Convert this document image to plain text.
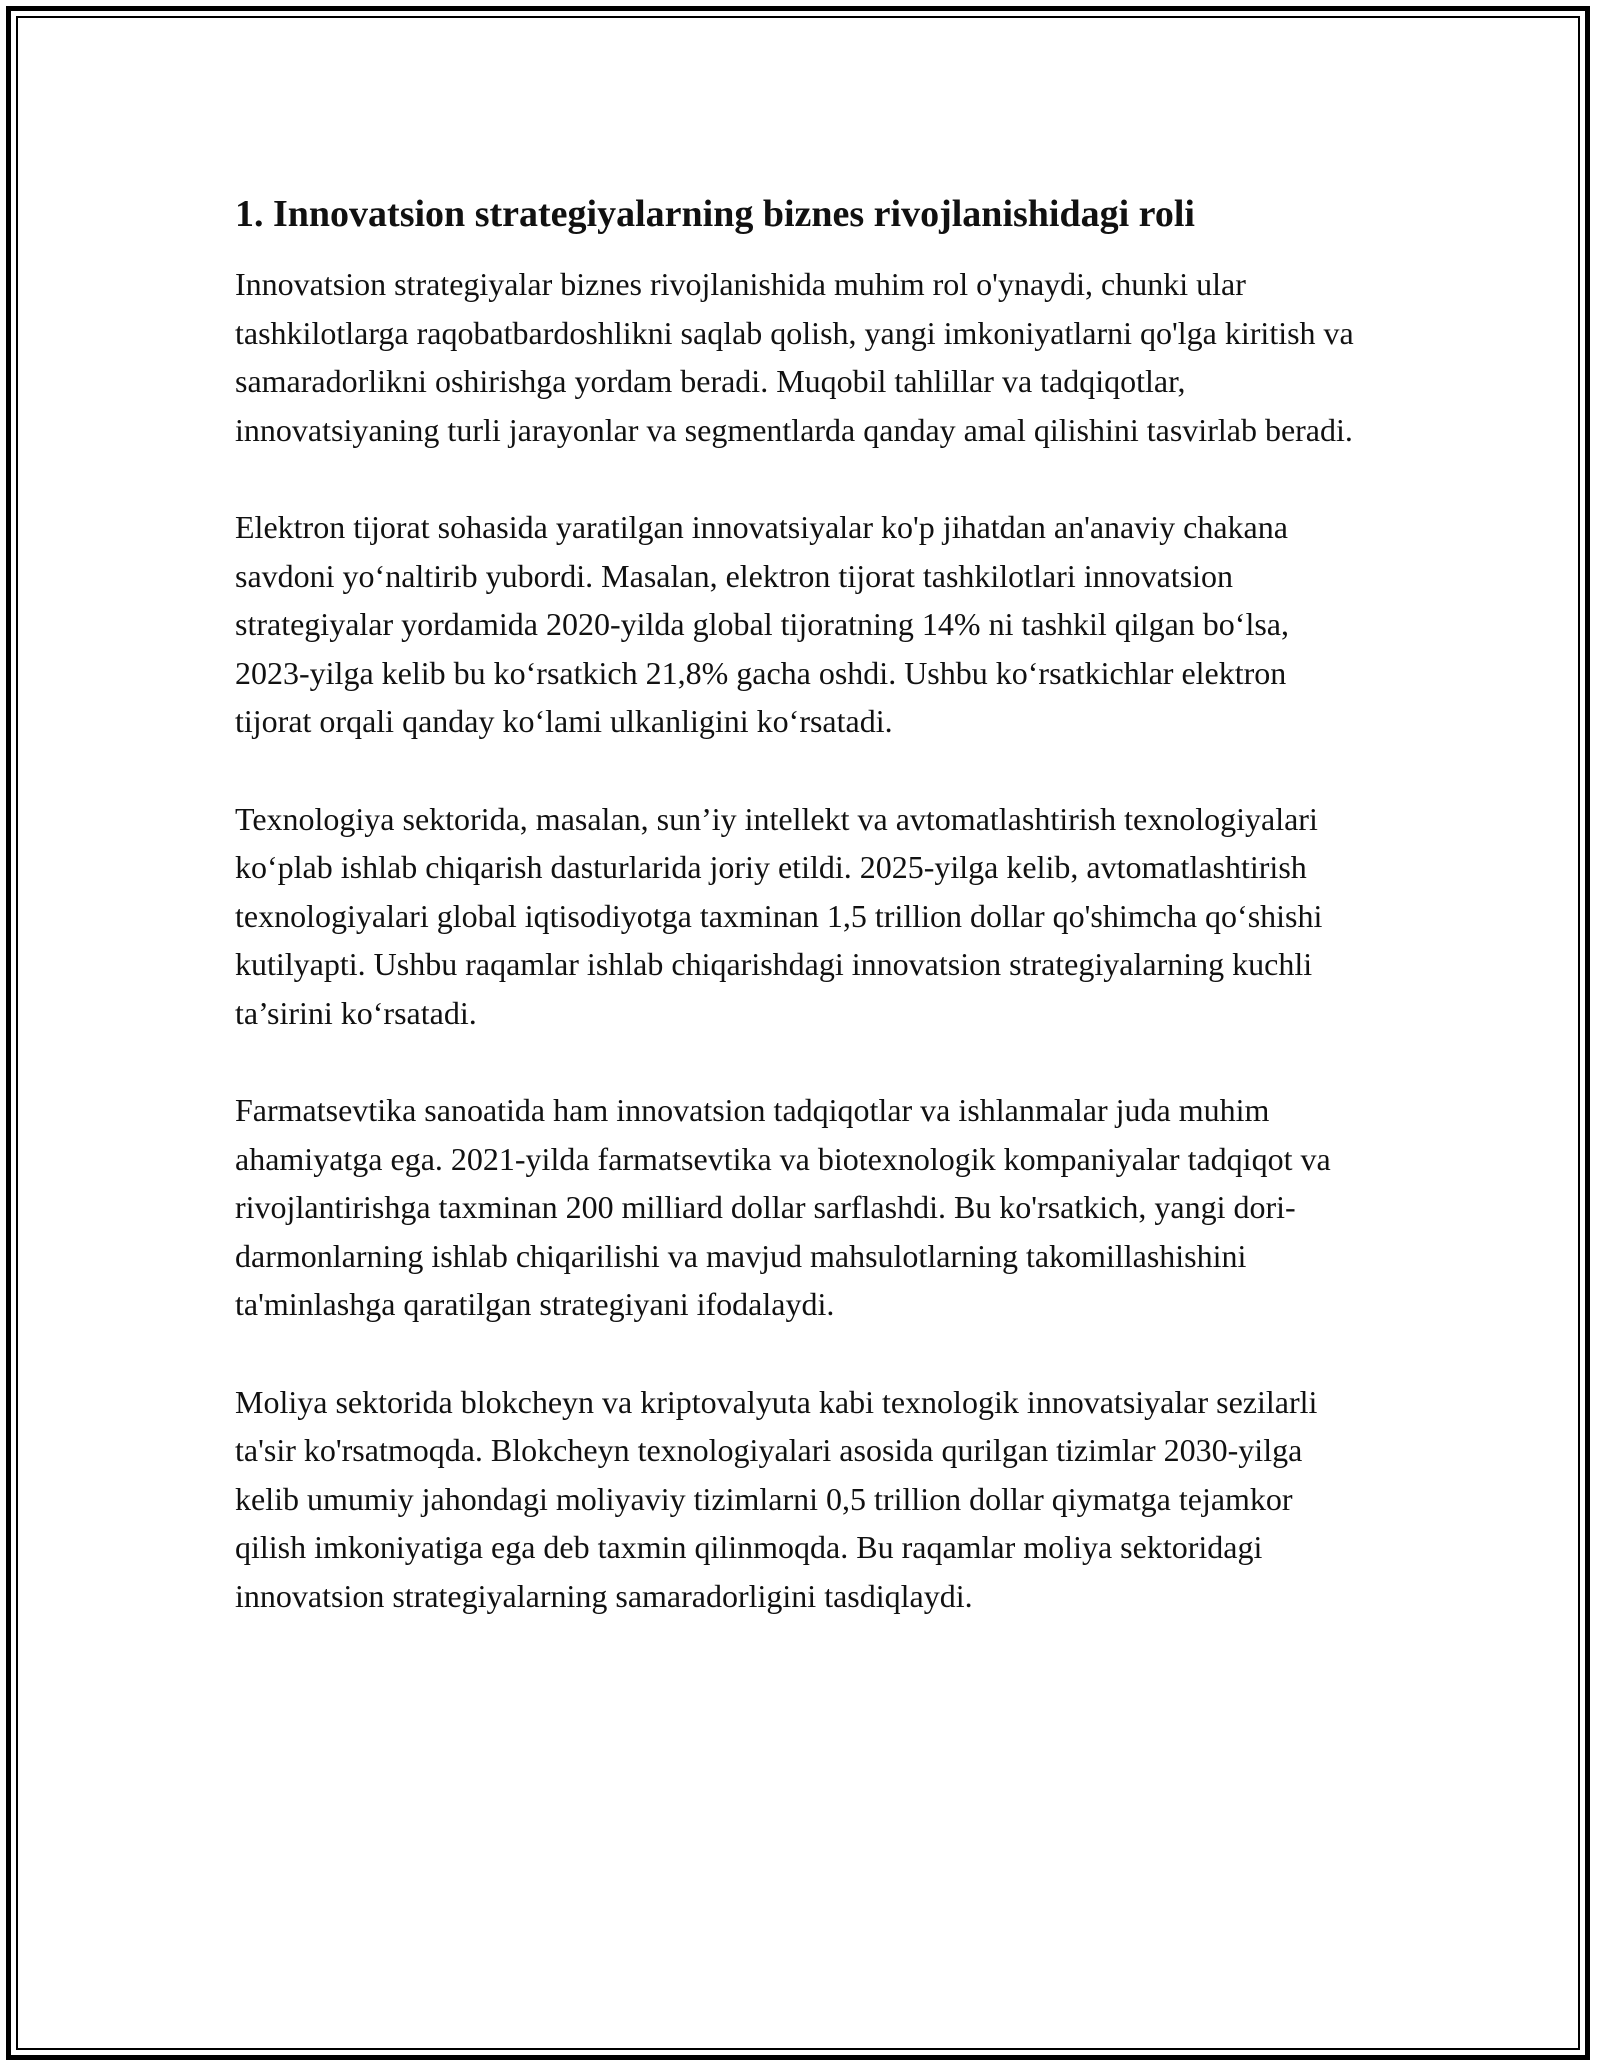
1. Innovatsion strategiyalarning biznes rivojlanishidagi roli

Innovatsion strategiyalar biznes rivojlanishida muhim rol o'ynaydi, chunki ular tashkilotlarga raqobatbardoshlikni saqlab qolish, yangi imkoniyatlarni qo'lga kiritish va samaradorlikni oshirishga yordam beradi. Muqobil tahlillar va tadqiqotlar, innovatsiyaning turli jarayonlar va segmentlarda qanday amal qilishini tasvirlab beradi.

Elektron tijorat sohasida yaratilgan innovatsiyalar ko'p jihatdan an'anaviy chakana savdoni yoʻnaltirib yubordi. Masalan, elektron tijorat tashkilotlari innovatsion strategiyalar yordamida 2020-yilda global tijoratning 14% ni tashkil qilgan boʻlsa, 2023-yilga kelib bu koʻrsatkich 21,8% gacha oshdi. Ushbu koʻrsatkichlar elektron tijorat orqali qanday koʻlami ulkanligini koʻrsatadi.

Texnologiya sektorida, masalan, sun’iy intellekt va avtomatlashtirish texnologiyalari koʻplab ishlab chiqarish dasturlarida joriy etildi. 2025-yilga kelib, avtomatlashtirish texnologiyalari global iqtisodiyotga taxminan 1,5 trillion dollar qo'shimcha qoʻshishi kutilyapti. Ushbu raqamlar ishlab chiqarishdagi innovatsion strategiyalarning kuchli ta’sirini koʻrsatadi.

Farmatsevtika sanoatida ham innovatsion tadqiqotlar va ishlanmalar juda muhim ahamiyatga ega. 2021-yilda farmatsevtika va biotexnologik kompaniyalar tadqiqot va rivojlantirishga taxminan 200 milliard dollar sarflashdi. Bu ko'rsatkich, yangi dori-darmonlarning ishlab chiqarilishi va mavjud mahsulotlarning takomillashishini ta'minlashga qaratilgan strategiyani ifodalaydi.

Moliya sektorida blokcheyn va kriptovalyuta kabi texnologik innovatsiyalar sezilarli ta'sir ko'rsatmoqda. Blokcheyn texnologiyalari asosida qurilgan tizimlar 2030-yilga kelib umumiy jahondagi moliyaviy tizimlarni 0,5 trillion dollar qiymatga tejamkor qilish imkoniyatiga ega deb taxmin qilinmoqda. Bu raqamlar moliya sektoridagi innovatsion strategiyalarning samaradorligini tasdiqlaydi.
